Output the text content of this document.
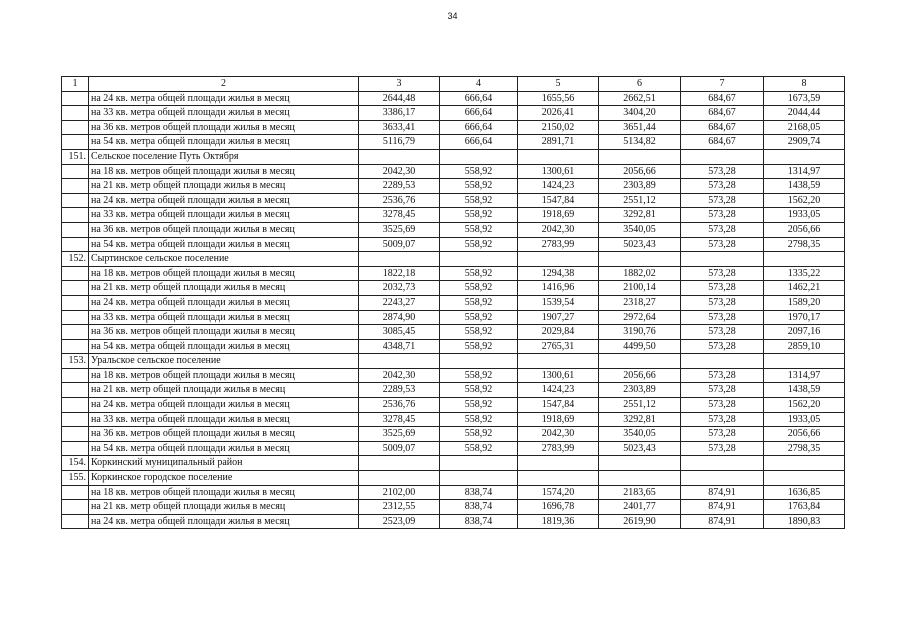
34
1	2	3	4	5	6	7	8
	на 24 кв. метра общей площади жилья в месяц	2644,48	666,64	1655,56	2662,51	684,67	1673,59
	на 33 кв. метра общей площади жилья в месяц	3386,17	666,64	2026,41	3404,20	684,67	2044,44
	на 36 кв. метров общей площади жилья в месяц	3633,41	666,64	2150,02	3651,44	684,67	2168,05
	на 54 кв. метра общей площади жилья в месяц	5116,79	666,64	2891,71	5134,82	684,67	2909,74
151.	Сельское поселение Путь Октября						
	на 18 кв. метров общей площади жилья в месяц	2042,30	558,92	1300,61	2056,66	573,28	1314,97
	на 21 кв. метр общей площади жилья в месяц	2289,53	558,92	1424,23	2303,89	573,28	1438,59
	на 24 кв. метра общей площади жилья в месяц	2536,76	558,92	1547,84	2551,12	573,28	1562,20
	на 33 кв. метра общей площади жилья в месяц	3278,45	558,92	1918,69	3292,81	573,28	1933,05
	на 36 кв. метров общей площади жилья в месяц	3525,69	558,92	2042,30	3540,05	573,28	2056,66
	на 54 кв. метра общей площади жилья в месяц	5009,07	558,92	2783,99	5023,43	573,28	2798,35
152.	Сыртинское сельское поселение						
	на 18 кв. метров общей площади жилья в месяц	1822,18	558,92	1294,38	1882,02	573,28	1335,22
	на 21 кв. метр общей площади жилья в месяц	2032,73	558,92	1416,96	2100,14	573,28	1462,21
	на 24 кв. метра общей площади жилья в месяц	2243,27	558,92	1539,54	2318,27	573,28	1589,20
	на 33 кв. метра общей площади жилья в месяц	2874,90	558,92	1907,27	2972,64	573,28	1970,17
	на 36 кв. метров общей площади жилья в месяц	3085,45	558,92	2029,84	3190,76	573,28	2097,16
	на 54 кв. метра общей площади жилья в месяц	4348,71	558,92	2765,31	4499,50	573,28	2859,10
153.	Уральское сельское поселение						
	на 18 кв. метров общей площади жилья в месяц	2042,30	558,92	1300,61	2056,66	573,28	1314,97
	на 21 кв. метр общей площади жилья в месяц	2289,53	558,92	1424,23	2303,89	573,28	1438,59
	на 24 кв. метра общей площади жилья в месяц	2536,76	558,92	1547,84	2551,12	573,28	1562,20
	на 33 кв. метра общей площади жилья в месяц	3278,45	558,92	1918,69	3292,81	573,28	1933,05
	на 36 кв. метров общей площади жилья в месяц	3525,69	558,92	2042,30	3540,05	573,28	2056,66
	на 54 кв. метра общей площади жилья в месяц	5009,07	558,92	2783,99	5023,43	573,28	2798,35
154.	Коркинский муниципальный район						
155.	Коркинское городское поселение						
	на 18 кв. метров общей площади жилья в месяц	2102,00	838,74	1574,20	2183,65	874,91	1636,85
	на 21 кв. метр общей площади жилья в месяц	2312,55	838,74	1696,78	2401,77	874,91	1763,84
	на 24 кв. метра общей площади жилья в месяц	2523,09	838,74	1819,36	2619,90	874,91	1890,83
